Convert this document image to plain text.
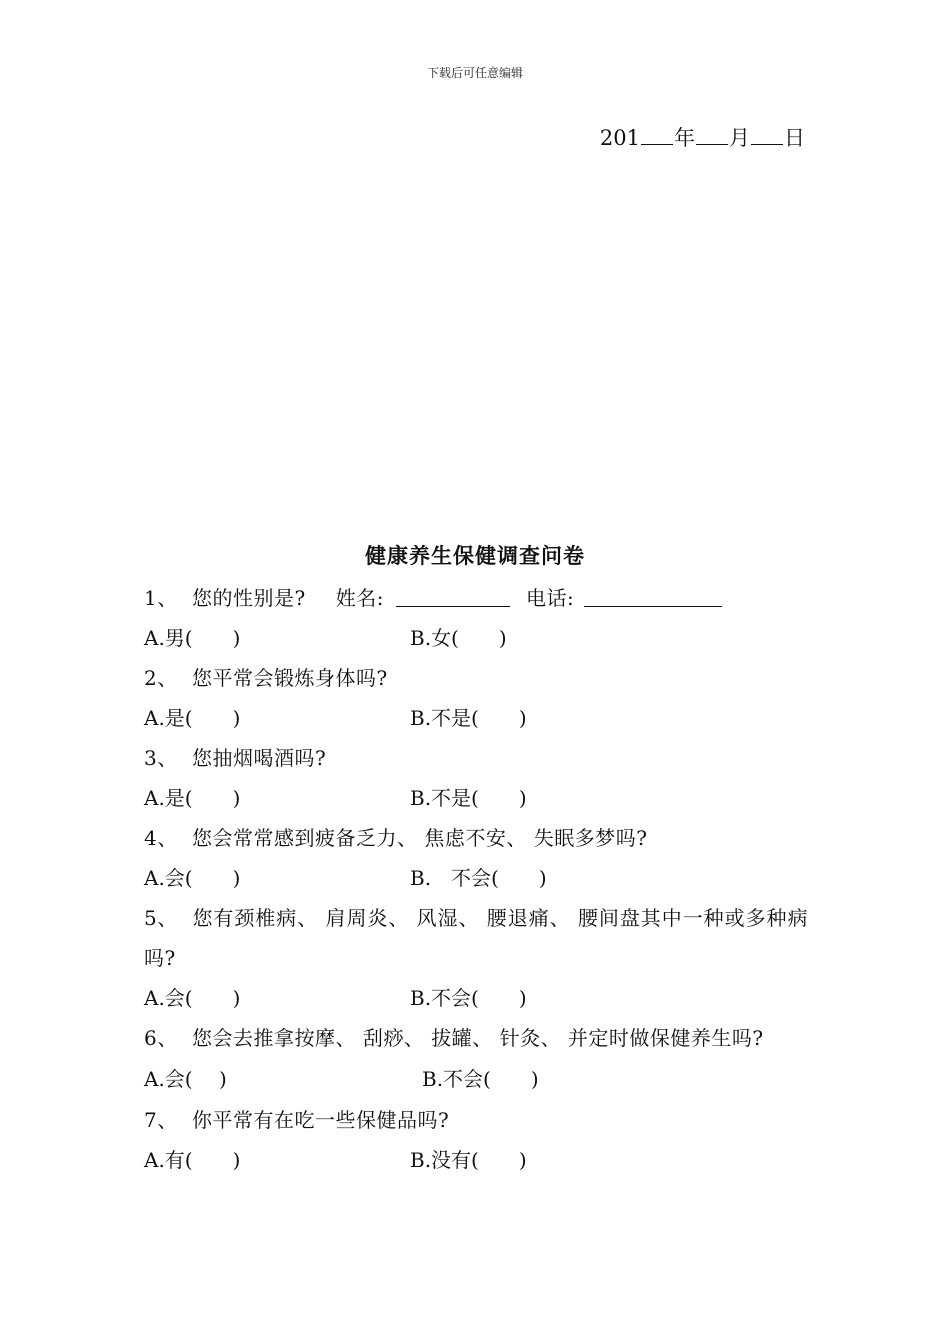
下载后可任意编辑
201 年 月 日
健康养生保健调查问卷
1、 您的性别是? 姓名:	电话:
A.男(　　)	B.女(　　)
2、 您平常会锻炼身体吗?
A.是(　　)	B.不是(　　)
3、 您抽烟喝酒吗?
A.是(　　)	B.不是(　　)
4、 您会常常感到疲备乏力、 焦虑不安、 失眠多梦吗?
A.会(　　)	B.　不会(　　)
5、 您有颈椎病、 肩周炎、 风湿、 腰退痛、 腰间盘其中一种或多种病吗?
A.会(　　)	B.不会(　　)
6、 您会去推拿按摩、 刮痧、 拔罐、 针灸、 并定时做保健养生吗?
A.会(　 )	B.不会(　　)
7、 你平常有在吃一些保健品吗?
A.有(　　)	B.没有(　　)
